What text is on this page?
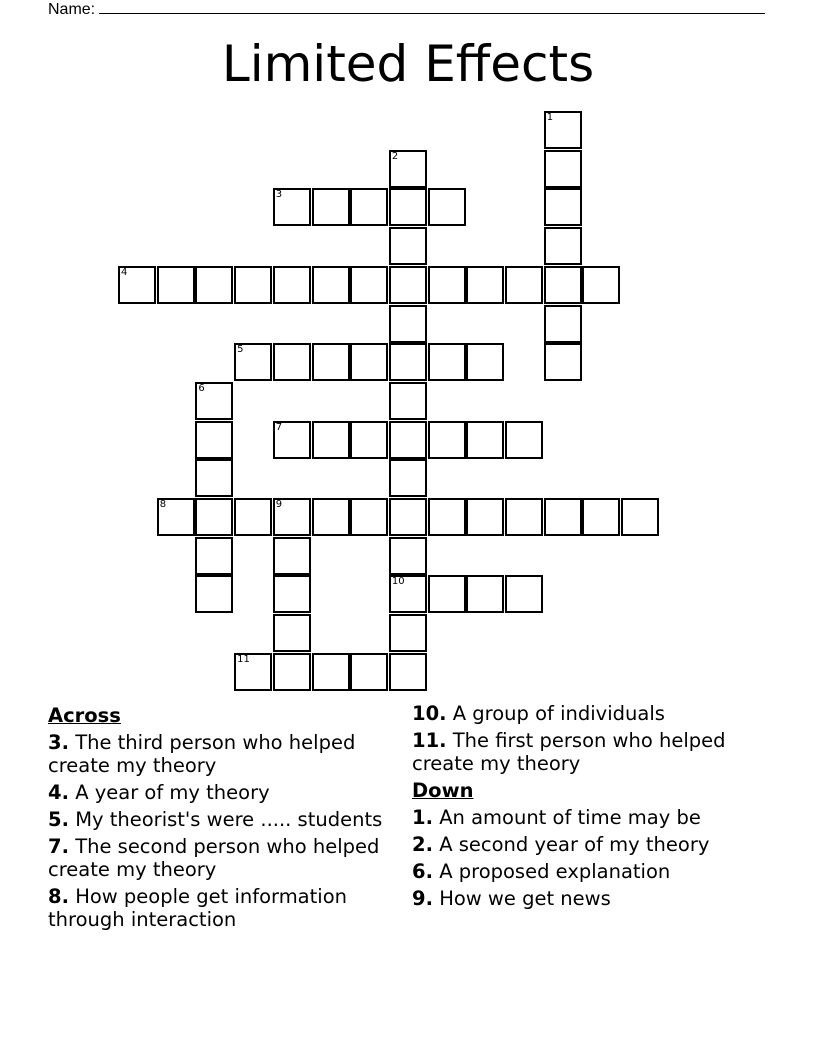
Name:
Limited Effects
1
2
10
3
4
5
6
7
8	9
11
Across
3. The third person who helped create my theory
4. A year of my theory
5. My theorist's were ..... students
7. The second person who helped create my theory
8. How people get information through interaction
10. A group of individuals
11. The first person who helped create my theory
Down
1. An amount of time may be
2. A second year of my theory
6. A proposed explanation
9. How we get news
